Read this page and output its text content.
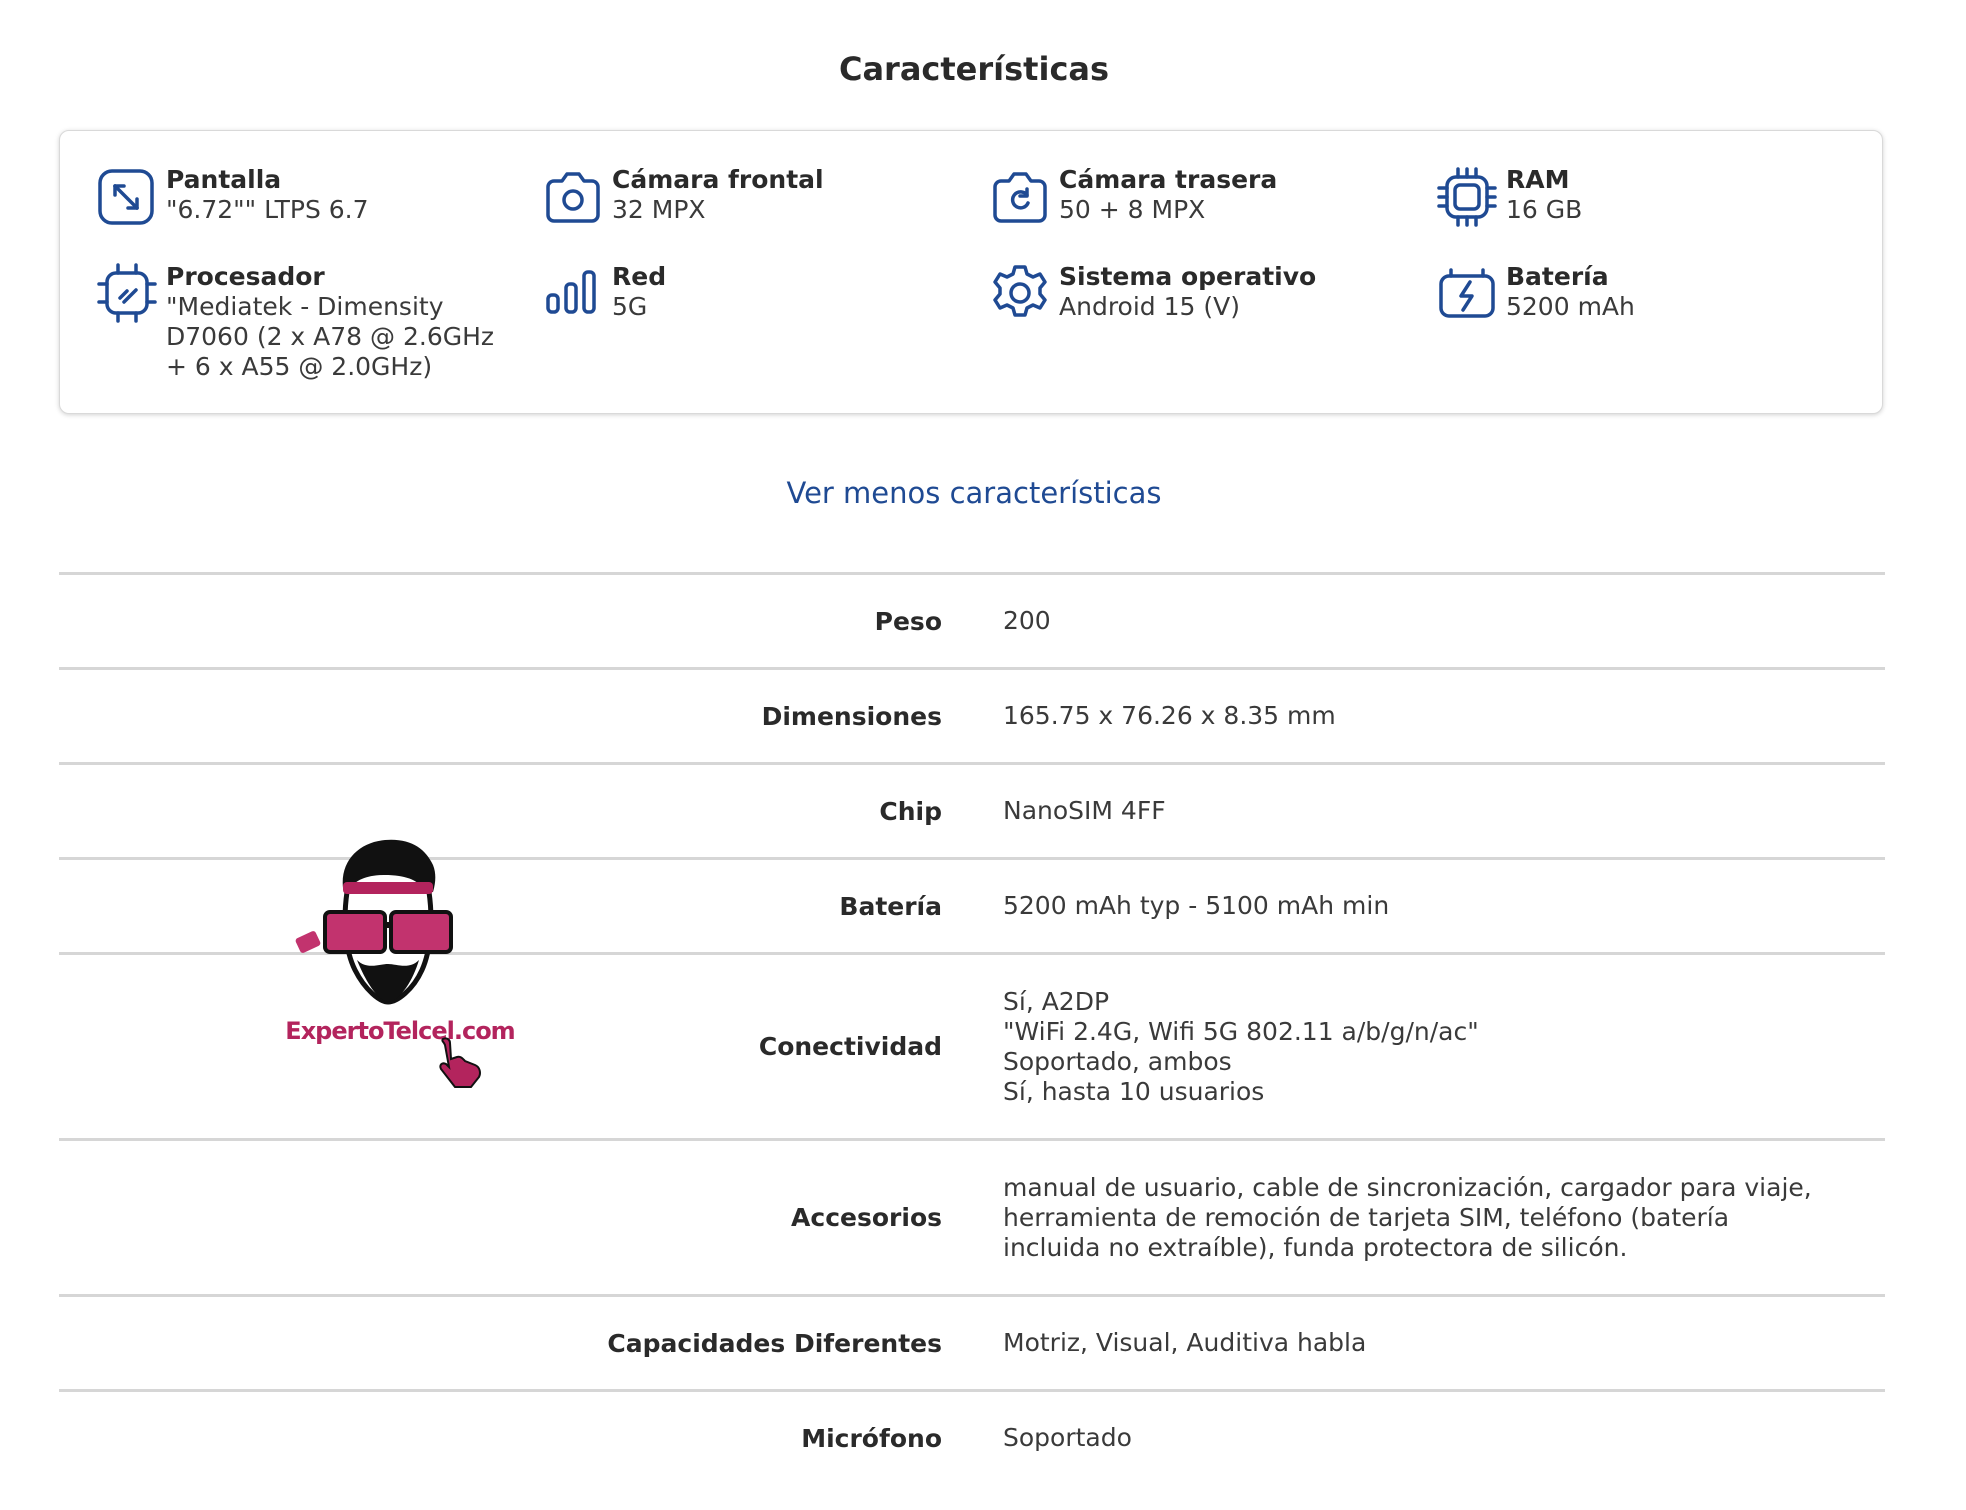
Características
Pantalla
"6.72"" LTPS 6.7
Cámara frontal
32 MPX
Cámara trasera
50 + 8 MPX
RAM
16 GB
Procesador
"Mediatek - Dimensity D7060 (2 x A78 @ 2.6GHz + 6 x A55 @ 2.0GHz)
Red
5G
Sistema operativo
Android 15 (V)
Batería
5200 mAh
Ver menos características
Peso 200
Dimensiones 165.75 x 76.26 x 8.35 mm
Chip NanoSIM 4FF
Batería 5200 mAh typ - 5100 mAh min
Conectividad
Sí, A2DP
"WiFi 2.4G, Wifi 5G 802.11 a/b/g/n/ac"
Soportado, ambos
Sí, hasta 10 usuarios
Accesorios
manual de usuario, cable de sincronización, cargador para viaje, herramienta de remoción de tarjeta SIM, teléfono (batería incluida no extraíble), funda protectora de silicón.
Capacidades Diferentes Motriz, Visual, Auditiva habla
Micrófono Soportado
ExpertoTelcel.com
